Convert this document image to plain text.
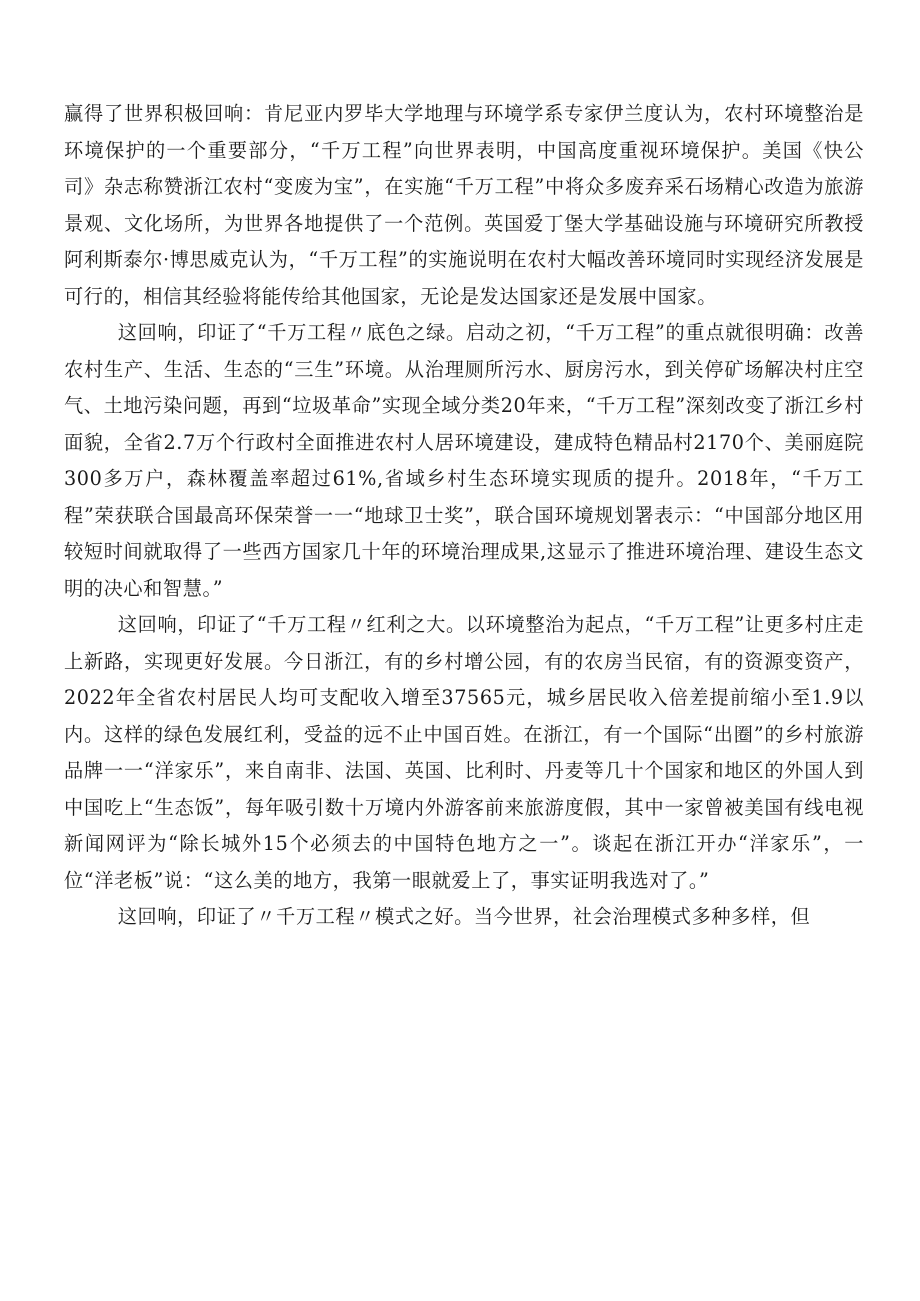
赢得了世界积极回响：肯尼亚内罗毕大学地理与环境学系专家伊兰度认为，农村环境整治是环境保护的一个重要部分，“千万工程”向世界表明，中国高度重视环境保护。美国《快公司》杂志称赞浙江农村“变废为宝”，在实施“千万工程”中将众多废弃采石场精心改造为旅游景观、文化场所，为世界各地提供了一个范例。英国爱丁堡大学基础设施与环境研究所教授阿利斯泰尔·博思威克认为，“千万工程”的实施说明在农村大幅改善环境同时实现经济发展是可行的，相信其经验将能传给其他国家，无论是发达国家还是发展中国家。

这回响，印证了“千万工程〃底色之绿。启动之初，“千万工程”的重点就很明确：改善农村生产、生活、生态的“三生”环境。从治理厕所污水、厨房污水，到关停矿场解决村庄空气、土地污染问题，再到“垃圾革命”实现全域分类20年来，“千万工程”深刻改变了浙江乡村面貌，全省2.7万个行政村全面推进农村人居环境建设，建成特色精品村2170个、美丽庭院300多万户，森林覆盖率超过61%,省域乡村生态环境实现质的提升。2018年，“千万工程”荣获联合国最高环保荣誉一一“地球卫士奖”，联合国环境规划署表示：“中国部分地区用较短时间就取得了一些西方国家几十年的环境治理成果,这显示了推进环境治理、建设生态文明的决心和智慧。”

这回响，印证了“千万工程〃红利之大。以环境整治为起点，“千万工程”让更多村庄走上新路，实现更好发展。今日浙江，有的乡村增公园，有的农房当民宿，有的资源变资产，2022年全省农村居民人均可支配收入增至37565元，城乡居民收入倍差提前缩小至1.9以内。这样的绿色发展红利，受益的远不止中国百姓。在浙江，有一个国际“出圈”的乡村旅游品牌一一“洋家乐”，来自南非、法国、英国、比利时、丹麦等几十个国家和地区的外国人到中国吃上“生态饭”，每年吸引数十万境内外游客前来旅游度假，其中一家曾被美国有线电视新闻网评为“除长城外15个必须去的中国特色地方之一”。谈起在浙江开办“洋家乐”，一位“洋老板”说：“这么美的地方，我第一眼就爱上了，事实证明我选对了。”

这回响，印证了〃千万工程〃模式之好。当今世界，社会治理模式多种多样，但
